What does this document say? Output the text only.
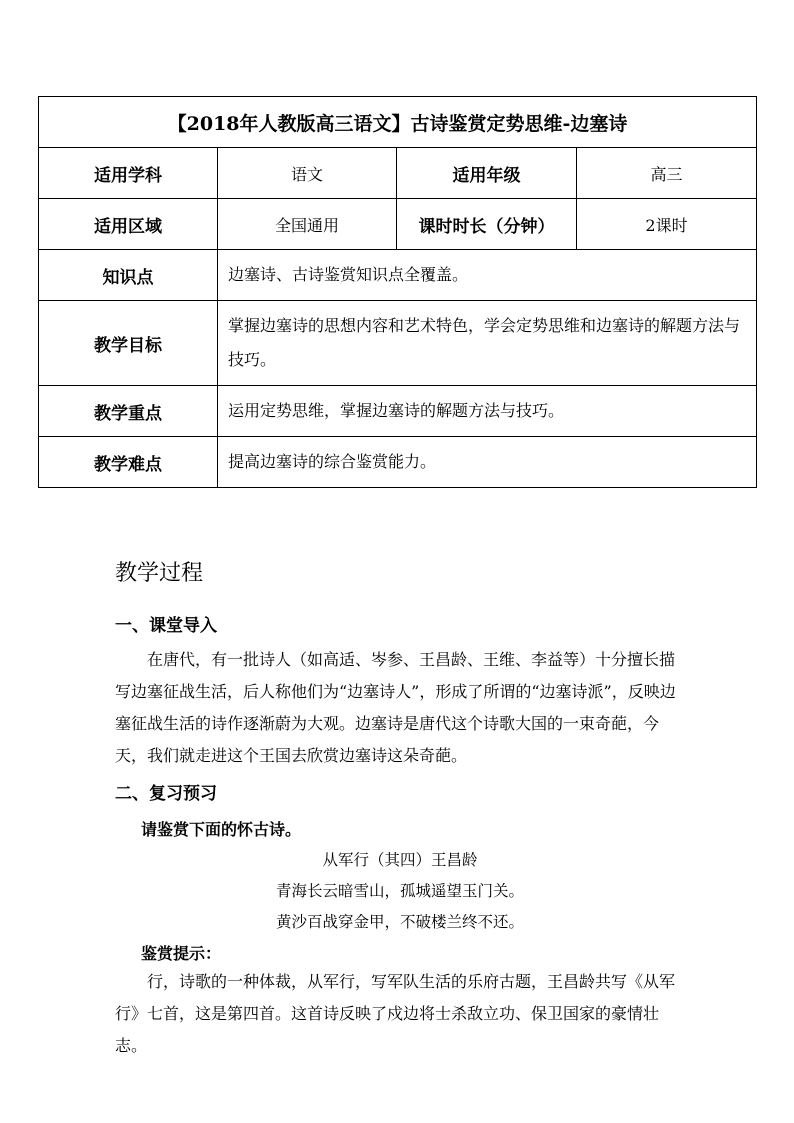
【2018年人教版高三语文】古诗鉴赏定势思维-边塞诗			
适用学科	语文	适用年级	高三
适用区域	全国通用	课时时长（分钟）	2课时
知识点	边塞诗、古诗鉴赏知识点全覆盖。		
教学目标	掌握边塞诗的思想内容和艺术特色，学会定势思维和边塞诗的解题方法与技巧。		
教学重点	运用定势思维，掌握边塞诗的解题方法与技巧。		
教学难点	提高边塞诗的综合鉴赏能力。		
教学过程
一、课堂导入

在唐代，有一批诗人（如高适、岑参、王昌龄、王维、李益等）十分擅长描写边塞征战生活，后人称他们为“边塞诗人”，形成了所谓的“边塞诗派”，反映边塞征战生活的诗作逐渐蔚为大观。边塞诗是唐代这个诗歌大国的一束奇葩，今天，我们就走进这个王国去欣赏边塞诗这朵奇葩。

二、复习预习

请鉴赏下面的怀古诗。

从军行（其四）王昌龄

青海长云暗雪山，孤城遥望玉门关。

黄沙百战穿金甲，不破楼兰终不还。

鉴赏提示：

行，诗歌的一种体裁，从军行，写军队生活的乐府古题，王昌龄共写《从军行》七首，这是第四首。这首诗反映了戍边将士杀敌立功、保卫国家的豪情壮志。
